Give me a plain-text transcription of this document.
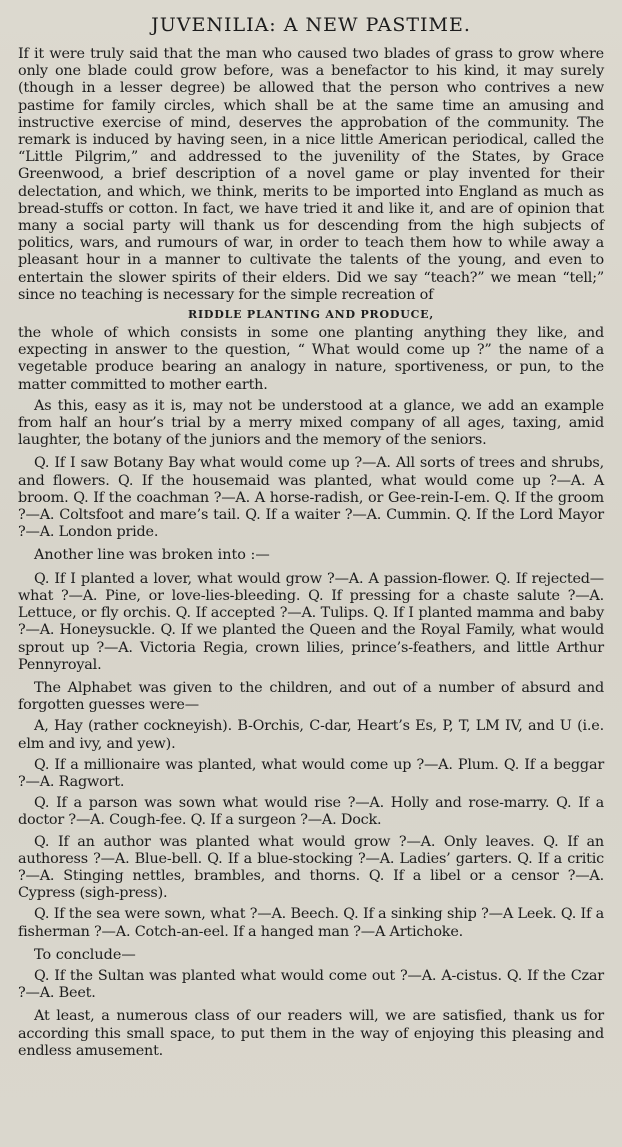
JUVENILIA: A NEW PASTIME.

If it were truly said that the man who caused two blades of grass to grow where only one blade could grow before, was a benefactor to his kind, it may surely (though in a lesser degree) be allowed that the person who contrives a new pastime for family circles, which shall be at the same time an amusing and instructive exercise of mind, deserves the approbation of the community. The remark is induced by having seen, in a nice little American periodical, called the “Little Pilgrim,” and addressed to the juvenility of the States, by Grace Greenwood, a brief description of a novel game or play invented for their delectation, and which, we think, merits to be imported into England as much as bread-stuffs or cotton. In fact, we have tried it and like it, and are of opinion that many a social party will thank us for descending from the high subjects of politics, wars, and rumours of war, in order to teach them how to while away a pleasant hour in a manner to cultivate the talents of the young, and even to entertain the slower spirits of their elders. Did we say “teach?” we mean “tell;” since no teaching is necessary for the simple recreation of

RIDDLE PLANTING AND PRODUCE,

the whole of which consists in some one planting anything they like, and expecting in answer to the question, “ What would come up ?” the name of a vegetable produce bearing an analogy in nature, sportiveness, or pun, to the matter committed to mother earth.

As this, easy as it is, may not be understood at a glance, we add an example from half an hour’s trial by a merry mixed company of all ages, taxing, amid laughter, the botany of the juniors and the memory of the seniors.

Q. If I saw Botany Bay what would come up ?—A. All sorts of trees and shrubs, and flowers. Q. If the housemaid was planted, what would come up ?—A. A broom. Q. If the coachman ?—A. A horse-radish, or Gee-rein-I-em. Q. If the groom ?—A. Coltsfoot and mare’s tail. Q. If a waiter ?—A. Cummin. Q. If the Lord Mayor ?—A. London pride.

Another line was broken into :—

Q. If I planted a lover, what would grow ?—A. A passion-flower. Q. If rejected—what ?—A. Pine, or love-lies-bleeding. Q. If pressing for a chaste salute ?—A. Lettuce, or fly orchis. Q. If accepted ?—A. Tulips. Q. If I planted mamma and baby ?—A. Honeysuckle. Q. If we planted the Queen and the Royal Family, what would sprout up ?—A. Victoria Regia, crown lilies, prince’s-feathers, and little Arthur Pennyroyal.

The Alphabet was given to the children, and out of a number of absurd and forgotten guesses were—

A, Hay (rather cockneyish). B-Orchis, C-dar, Heart’s Es, P, T, LM IV, and U (i.e. elm and ivy, and yew).

Q. If a millionaire was planted, what would come up ?—A. Plum. Q. If a beggar ?—A. Ragwort.

Q. If a parson was sown what would rise ?—A. Holly and rose-marry. Q. If a doctor ?—A. Cough-fee. Q. If a surgeon ?—A. Dock.

Q. If an author was planted what would grow ?—A. Only leaves. Q. If an authoress ?—A. Blue-bell. Q. If a blue-stocking ?—A. Ladies’ garters. Q. If a critic ?—A. Stinging nettles, brambles, and thorns. Q. If a libel or a censor ?—A. Cypress (sigh-press).

Q. If the sea were sown, what ?—A. Beech. Q. If a sinking ship ?—A Leek. Q. If a fisherman ?—A. Cotch-an-eel. If a hanged man ?—A Artichoke.

To conclude—

Q. If the Sultan was planted what would come out ?—A. A-cistus. Q. If the Czar ?—A. Beet.

At least, a numerous class of our readers will, we are satisfied, thank us for according this small space, to put them in the way of enjoying this pleasing and endless amusement.
